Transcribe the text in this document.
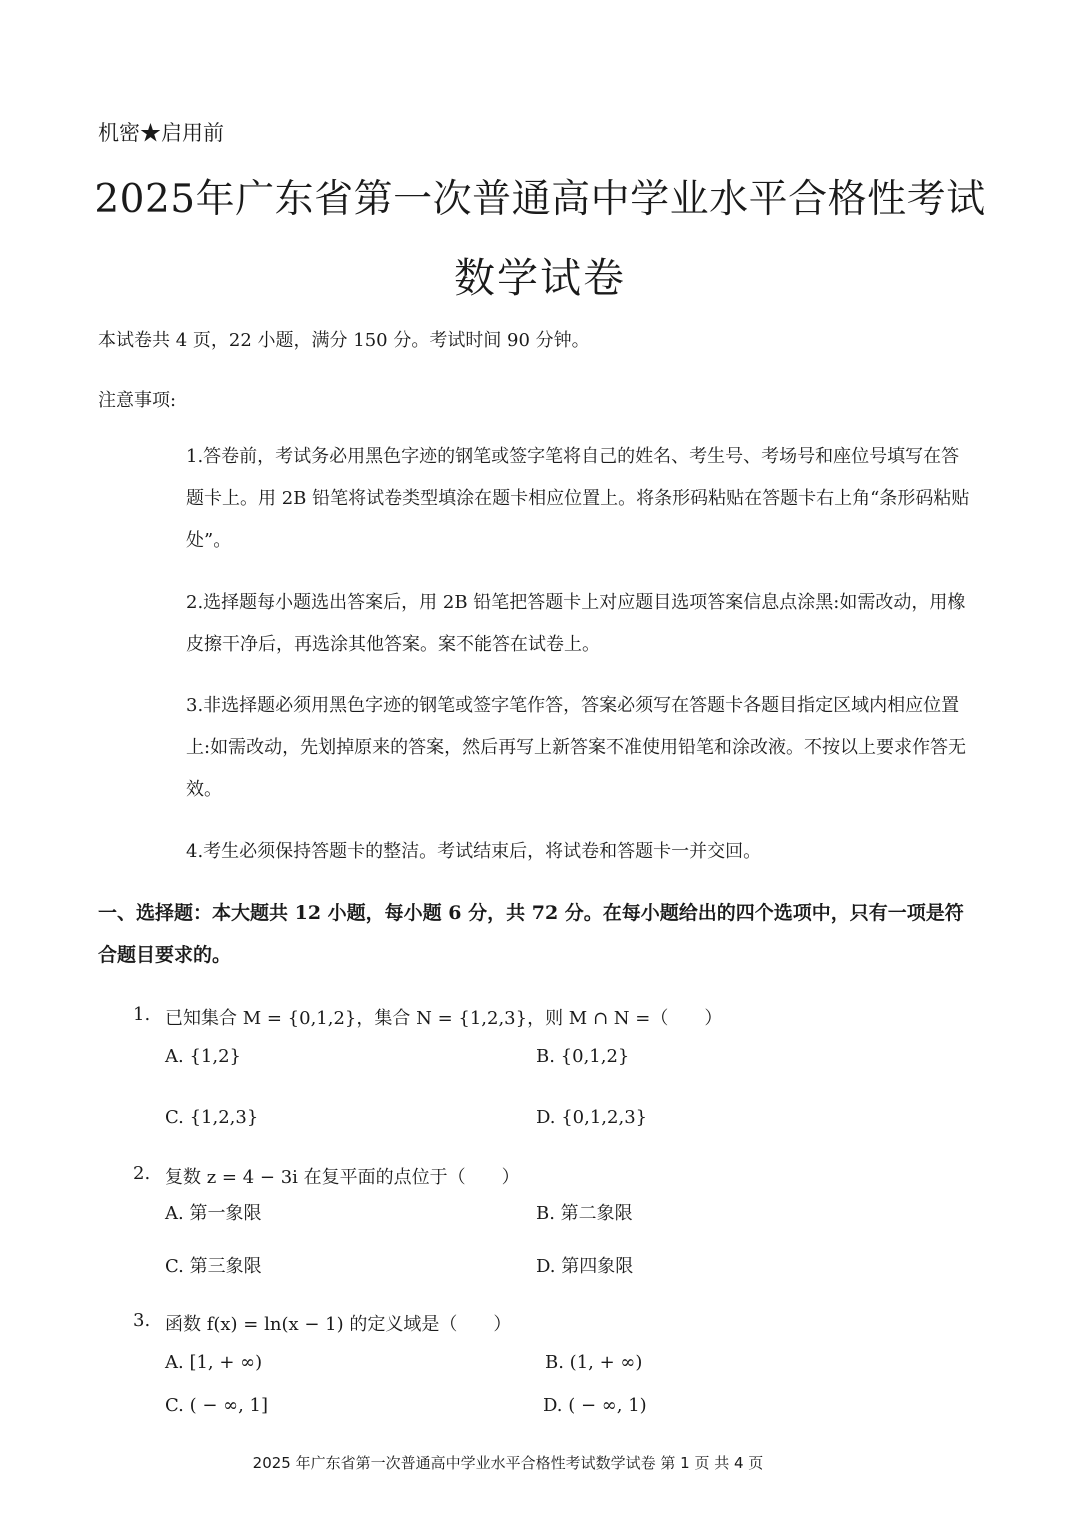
机密★启用前
2025年广东省第一次普通高中学业水平合格性考试
数学试卷
本试卷共 4 页，22 小题，满分 150 分。考试时间 90 分钟。
注意事项:
1.答卷前，考试务必用黑色字迹的钢笔或签字笔将自己的姓名、考生号、考场号和座位号填写在答题卡上。用 2B 铅笔将试卷类型填涂在题卡相应位置上。将条形码粘贴在答题卡右上角“条形码粘贴处”。
2.选择题每小题选出答案后，用 2B 铅笔把答题卡上对应题目选项答案信息点涂黑:如需改动，用橡皮擦干净后，再选涂其他答案。案不能答在试卷上。
3.非选择题必须用黑色字迹的钢笔或签字笔作答，答案必须写在答题卡各题目指定区域内相应位置上:如需改动，先划掉原来的答案，然后再写上新答案不准使用铅笔和涂改液。不按以上要求作答无效。
4.考生必须保持答题卡的整洁。考试结束后，将试卷和答题卡一并交回。
一、选择题：本大题共 12 小题，每小题 6 分，共 72 分。在每小题给出的四个选项中，只有一项是符合题目要求的。
1. 已知集合 M = {0,1,2}，集合 N = {1,2,3}，则 M ∩ N =（　　）
A. {1,2}	B. {0,1,2}
C. {1,2,3}	D. {0,1,2,3}
2. 复数 z = 4 − 3i 在复平面的点位于（　　）
A. 第一象限	B. 第二象限
C. 第三象限	D. 第四象限
3. 函数 f(x) = ln(x − 1) 的定义域是（　　）
A. [1, + ∞)	B. (1, + ∞)
C. ( − ∞, 1]	D. ( − ∞, 1)
2025 年广东省第一次普通高中学业水平合格性考试数学试卷 第 1 页 共 4 页
